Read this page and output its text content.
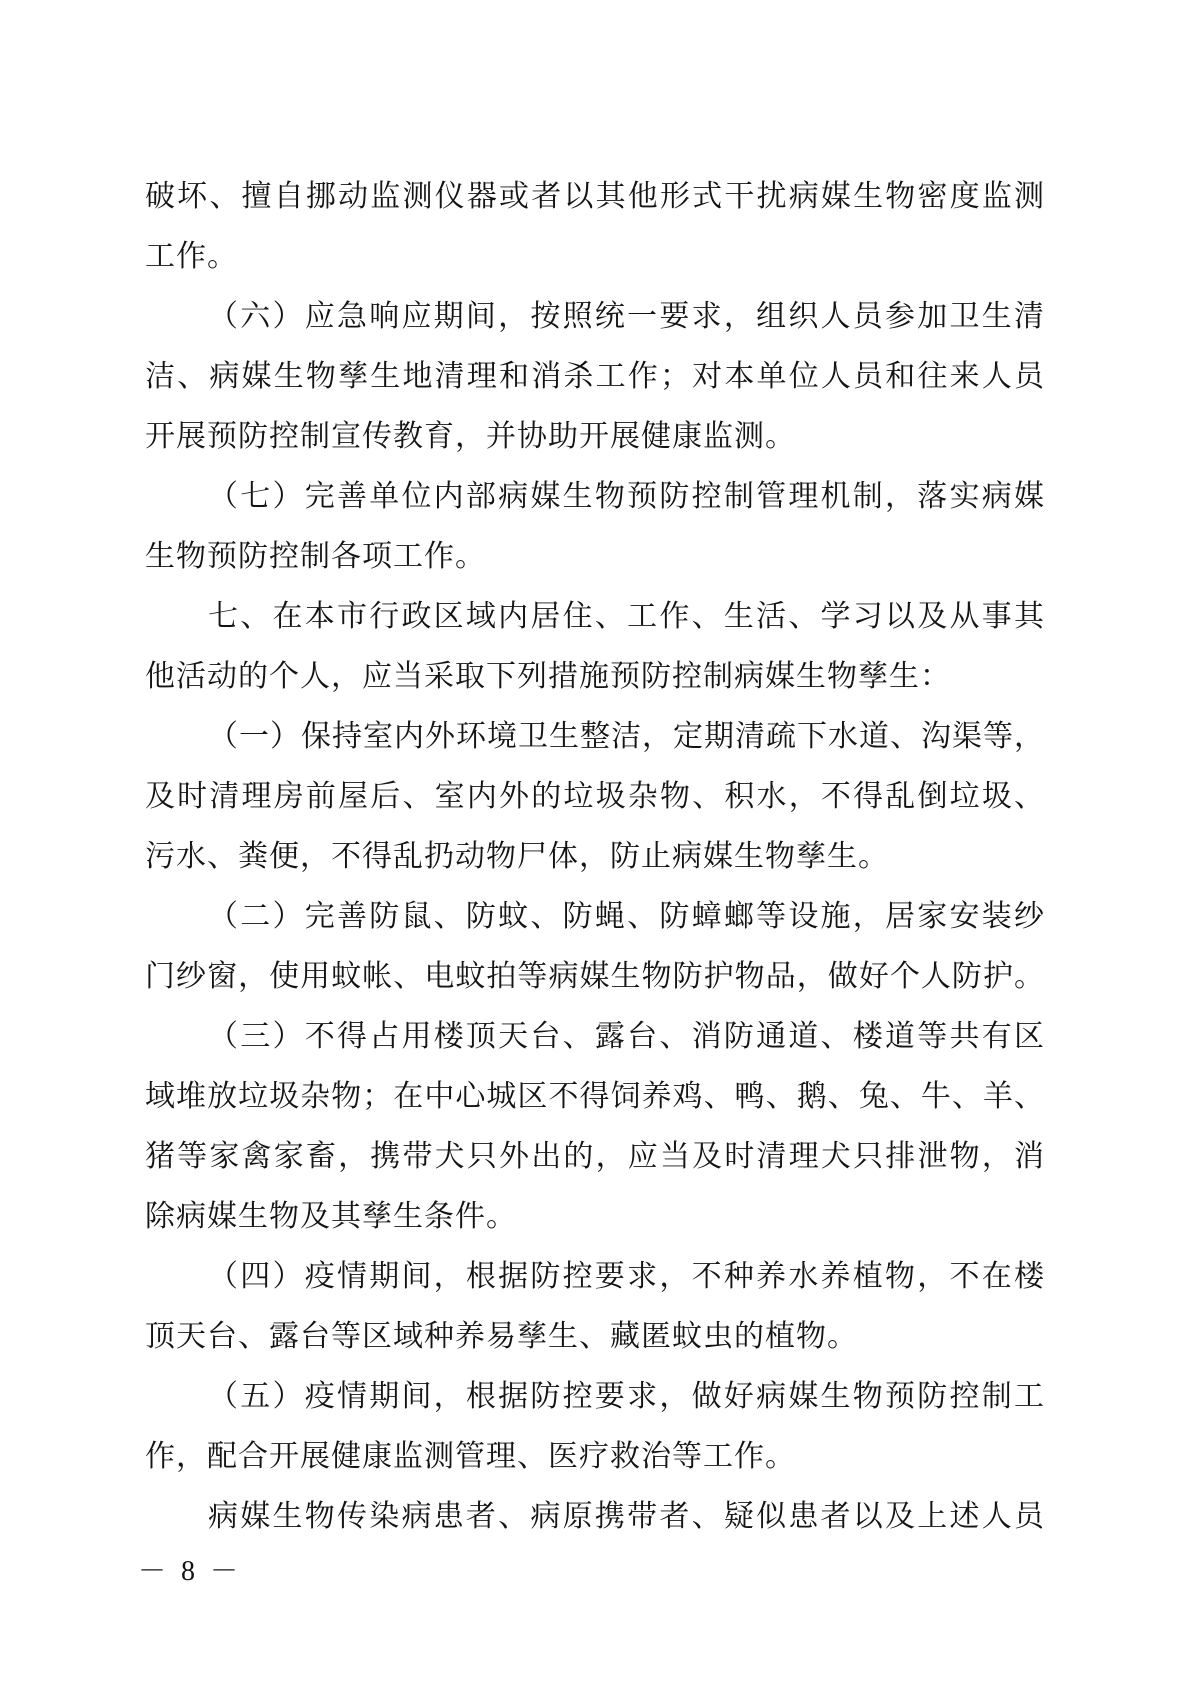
破坏、擅自挪动监测仪器或者以其他形式干扰病媒生物密度监测
工作。
（六）应急响应期间，按照统一要求，组织人员参加卫生清
洁、病媒生物孳生地清理和消杀工作；对本单位人员和往来人员
开展预防控制宣传教育，并协助开展健康监测。
（七）完善单位内部病媒生物预防控制管理机制，落实病媒
生物预防控制各项工作。
七、在本市行政区域内居住、工作、生活、学习以及从事其
他活动的个人，应当采取下列措施预防控制病媒生物孳生：
（一）保持室内外环境卫生整洁，定期清疏下水道、沟渠等，
及时清理房前屋后、室内外的垃圾杂物、积水，不得乱倒垃圾、
污水、粪便，不得乱扔动物尸体，防止病媒生物孳生。
（二）完善防鼠、防蚊、防蝇、防蟑螂等设施，居家安装纱
门纱窗，使用蚊帐、电蚊拍等病媒生物防护物品，做好个人防护。
（三）不得占用楼顶天台、露台、消防通道、楼道等共有区
域堆放垃圾杂物；在中心城区不得饲养鸡、鸭、鹅、兔、牛、羊、
猪等家禽家畜，携带犬只外出的，应当及时清理犬只排泄物，消
除病媒生物及其孳生条件。
（四）疫情期间，根据防控要求，不种养水养植物，不在楼
顶天台、露台等区域种养易孳生、藏匿蚊虫的植物。
（五）疫情期间，根据防控要求，做好病媒生物预防控制工
作，配合开展健康监测管理、医疗救治等工作。
病媒生物传染病患者、病原携带者、疑似患者以及上述人员
－ 8 －
